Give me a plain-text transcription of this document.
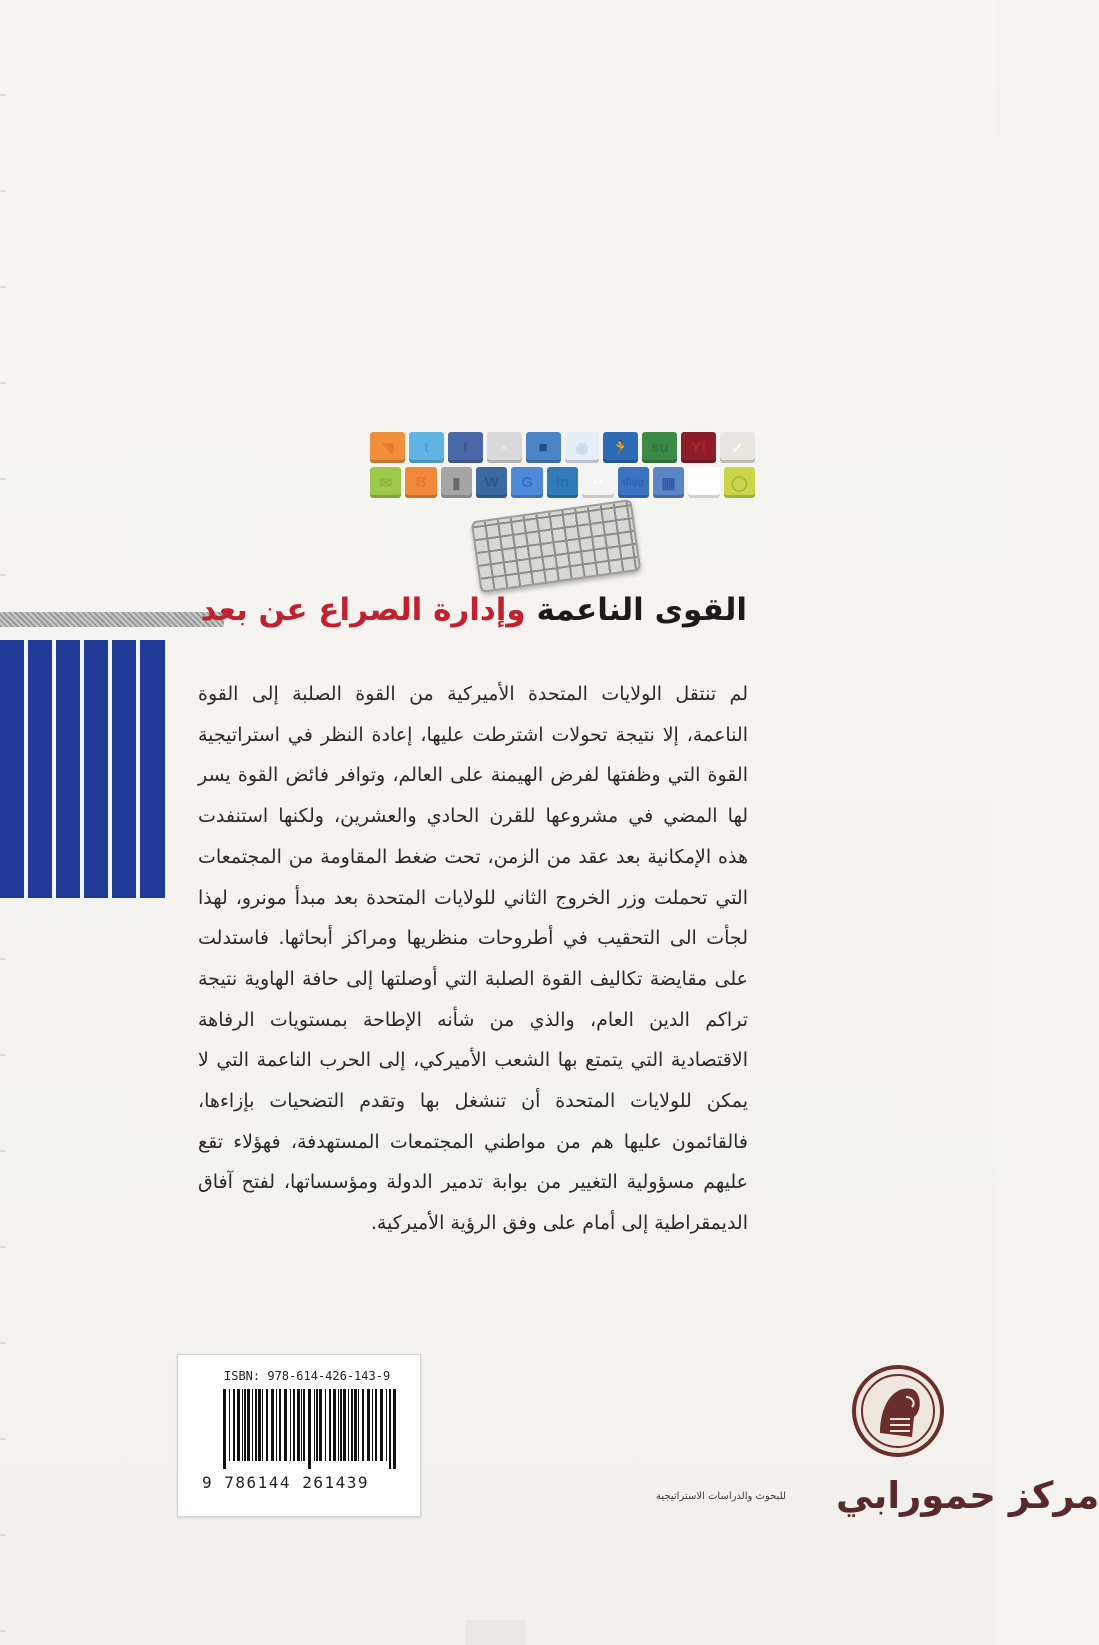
◥	t	f	▪	■	◉	🏃	su	Y!	✓
✉	B	▮	W	G	in	••	digg	▦	◈	◯
القوى الناعمة وإدارة الصراع عن بعد
لم تنتقل الولايات المتحدة الأميركية من القوة الصلبة إلى القوة الناعمة، إلا نتيجة تحولات اشترطت عليها، إعادة النظر في استراتيجية القوة التي وظفتها لفرض الهيمنة على العالم، وتوافر فائض القوة يسر لها المضي في مشروعها للقرن الحادي والعشرين، ولكنها استنفدت هذه الإمكانية بعد عقد من الزمن، تحت ضغط المقاومة من المجتمعات التي تحملت وزر الخروج الثاني للولايات المتحدة بعد مبدأ مونرو، لهذا لجأت الى التحقيب في أطروحات منظريها ومراكز أبحاثها. فاستدلت على مقايضة تكاليف القوة الصلبة التي أوصلتها إلى حافة الهاوية نتيجة تراكم الدين العام، والذي من شأنه الإطاحة بمستويات الرفاهة الاقتصادية التي يتمتع بها الشعب الأميركي، إلى الحرب الناعمة التي لا يمكن للولايات المتحدة أن تنشغل بها وتقدم التضحيات بإزاءها، فالقائمون عليها هم من مواطني المجتمعات المستهدفة، فهؤلاء تقع عليهم مسؤولية التغيير من بوابة تدمير الدولة ومؤسساتها، لفتح آفاق الديمقراطية إلى أمام على وفق الرؤية الأميركية.
ISBN: 978-614-426-143-9
9 786144 261439	مركز حمورابي
للبحوث والدراسات الاستراتيجية
